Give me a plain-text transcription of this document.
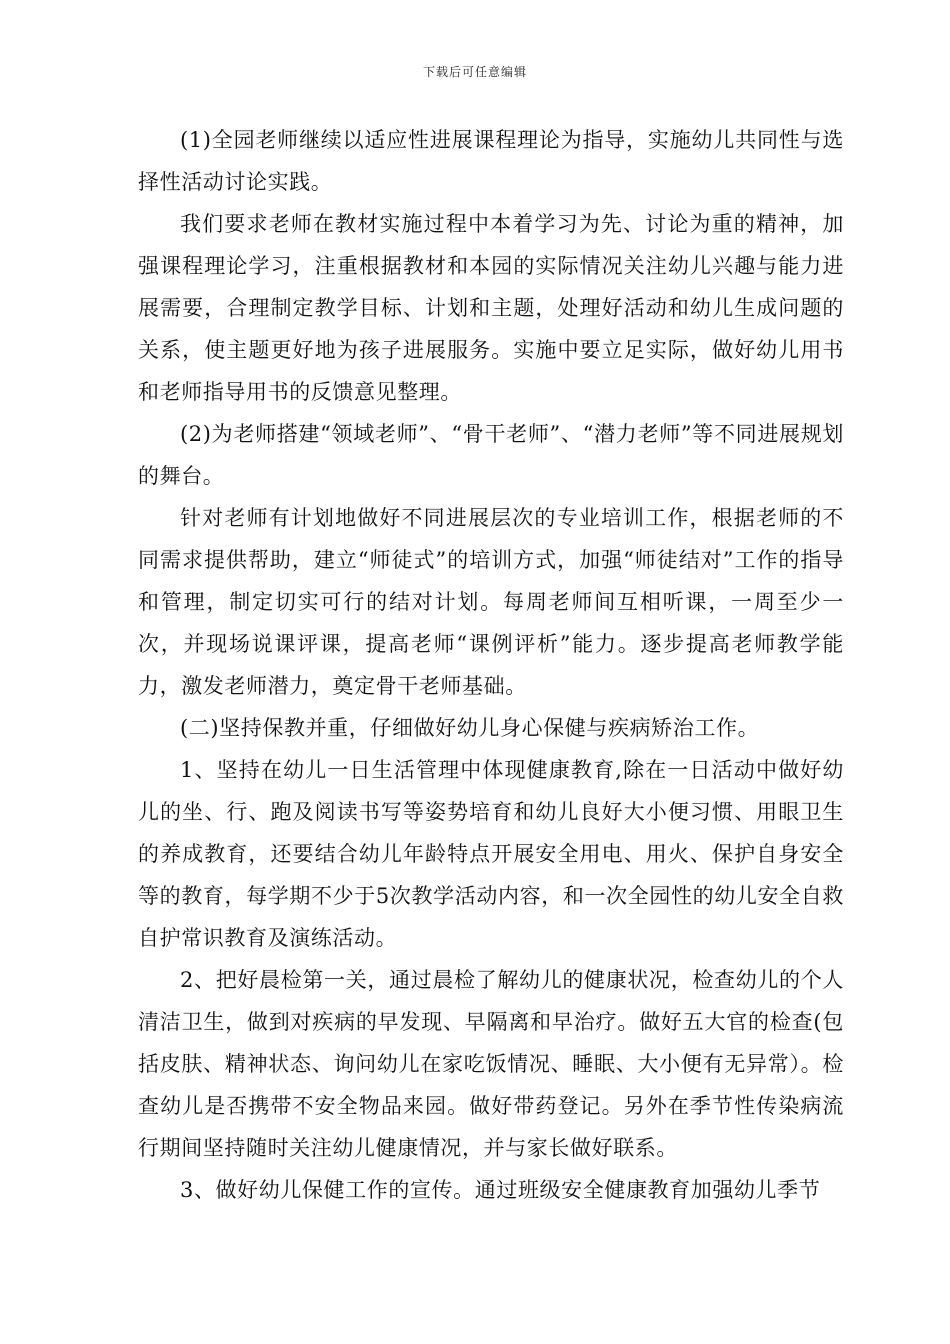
下载后可任意编辑

(1)全园老师继续以适应性进展课程理论为指导，实施幼儿共同性与选择性活动讨论实践。

我们要求老师在教材实施过程中本着学习为先、讨论为重的精神，加强课程理论学习，注重根据教材和本园的实际情况关注幼儿兴趣与能力进展需要，合理制定教学目标、计划和主题，处理好活动和幼儿生成问题的关系，使主题更好地为孩子进展服务。实施中要立足实际，做好幼儿用书和老师指导用书的反馈意见整理。

(2)为老师搭建“领域老师”、“骨干老师”、“潜力老师”等不同进展规划的舞台。

针对老师有计划地做好不同进展层次的专业培训工作，根据老师的不同需求提供帮助，建立“师徒式”的培训方式，加强“师徒结对”工作的指导和管理，制定切实可行的结对计划。每周老师间互相听课，一周至少一次，并现场说课评课，提高老师“课例评析”能力。逐步提高老师教学能力，激发老师潜力，奠定骨干老师基础。

(二)坚持保教并重，仔细做好幼儿身心保健与疾病矫治工作。

1、坚持在幼儿一日生活管理中体现健康教育,除在一日活动中做好幼儿的坐、行、跑及阅读书写等姿势培育和幼儿良好大小便习惯、用眼卫生的养成教育，还要结合幼儿年龄特点开展安全用电、用火、保护自身安全等的教育，每学期不少于5次教学活动内容，和一次全园性的幼儿安全自救自护常识教育及演练活动。

2、把好晨检第一关，通过晨检了解幼儿的健康状况，检查幼儿的个人清洁卫生，做到对疾病的早发现、早隔离和早治疗。做好五大官的检查(包括皮肤、精神状态、询问幼儿在家吃饭情况、睡眠、大小便有无异常）。检查幼儿是否携带不安全物品来园。做好带药登记。另外在季节性传染病流行期间坚持随时关注幼儿健康情况，并与家长做好联系。

3、做好幼儿保健工作的宣传。通过班级安全健康教育加强幼儿季节
